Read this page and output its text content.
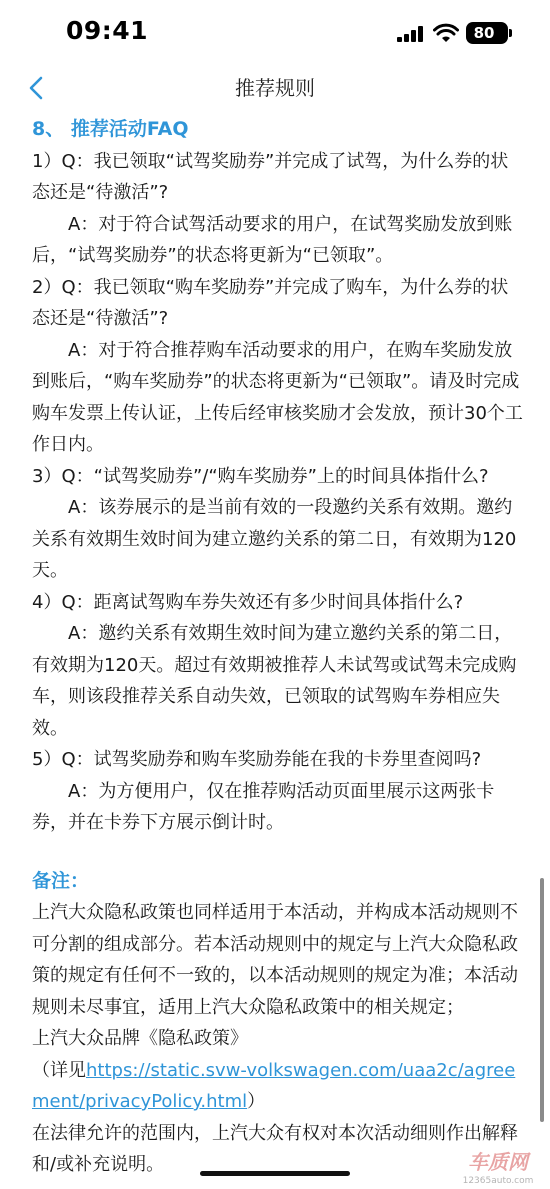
09:41	80
推荐规则

8、 推荐活动FAQ

1）Q：我已领取“试驾奖励券”并完成了试驾，为什么券的状态还是“待激活”?

A：对于符合试驾活动要求的用户，在试驾奖励发放到账后，“试驾奖励券”的状态将更新为“已领取”。

2）Q：我已领取“购车奖励券”并完成了购车，为什么券的状态还是“待激活”?

A：对于符合推荐购车活动要求的用户，在购车奖励发放到账后，“购车奖励券”的状态将更新为“已领取”。请及时完成购车发票上传认证，上传后经审核奖励才会发放，预计30个工作日内。

3）Q：“试驾奖励券”/“购车奖励券”上的时间具体指什么?

A：该券展示的是当前有效的一段邀约关系有效期。邀约关系有效期生效时间为建立邀约关系的第二日，有效期为120天。

4）Q：距离试驾购车券失效还有多少时间具体指什么?

A：邀约关系有效期生效时间为建立邀约关系的第二日，有效期为120天。超过有效期被推荐人未试驾或试驾未完成购车，则该段推荐关系自动失效，已领取的试驾购车券相应失效。

5）Q：试驾奖励券和购车奖励券能在我的卡券里查阅吗?

A：为方便用户，仅在推荐购活动页面里展示这两张卡券，并在卡券下方展示倒计时。

备注：

上汽大众隐私政策也同样适用于本活动，并构成本活动规则不可分割的组成部分。若本活动规则中的规定与上汽大众隐私政策的规定有任何不一致的，以本活动规则的规定为准；本活动规则未尽事宜，适用上汽大众隐私政策中的相关规定；

上汽大众品牌《隐私政策》

（详见https://static.svw-volkswagen.com/uaa2c/agreement/privacyPolicy.html）

在法律允许的范围内，上汽大众有权对本次活动细则作出解释和/或补充说明。	车质网
12365auto.com
